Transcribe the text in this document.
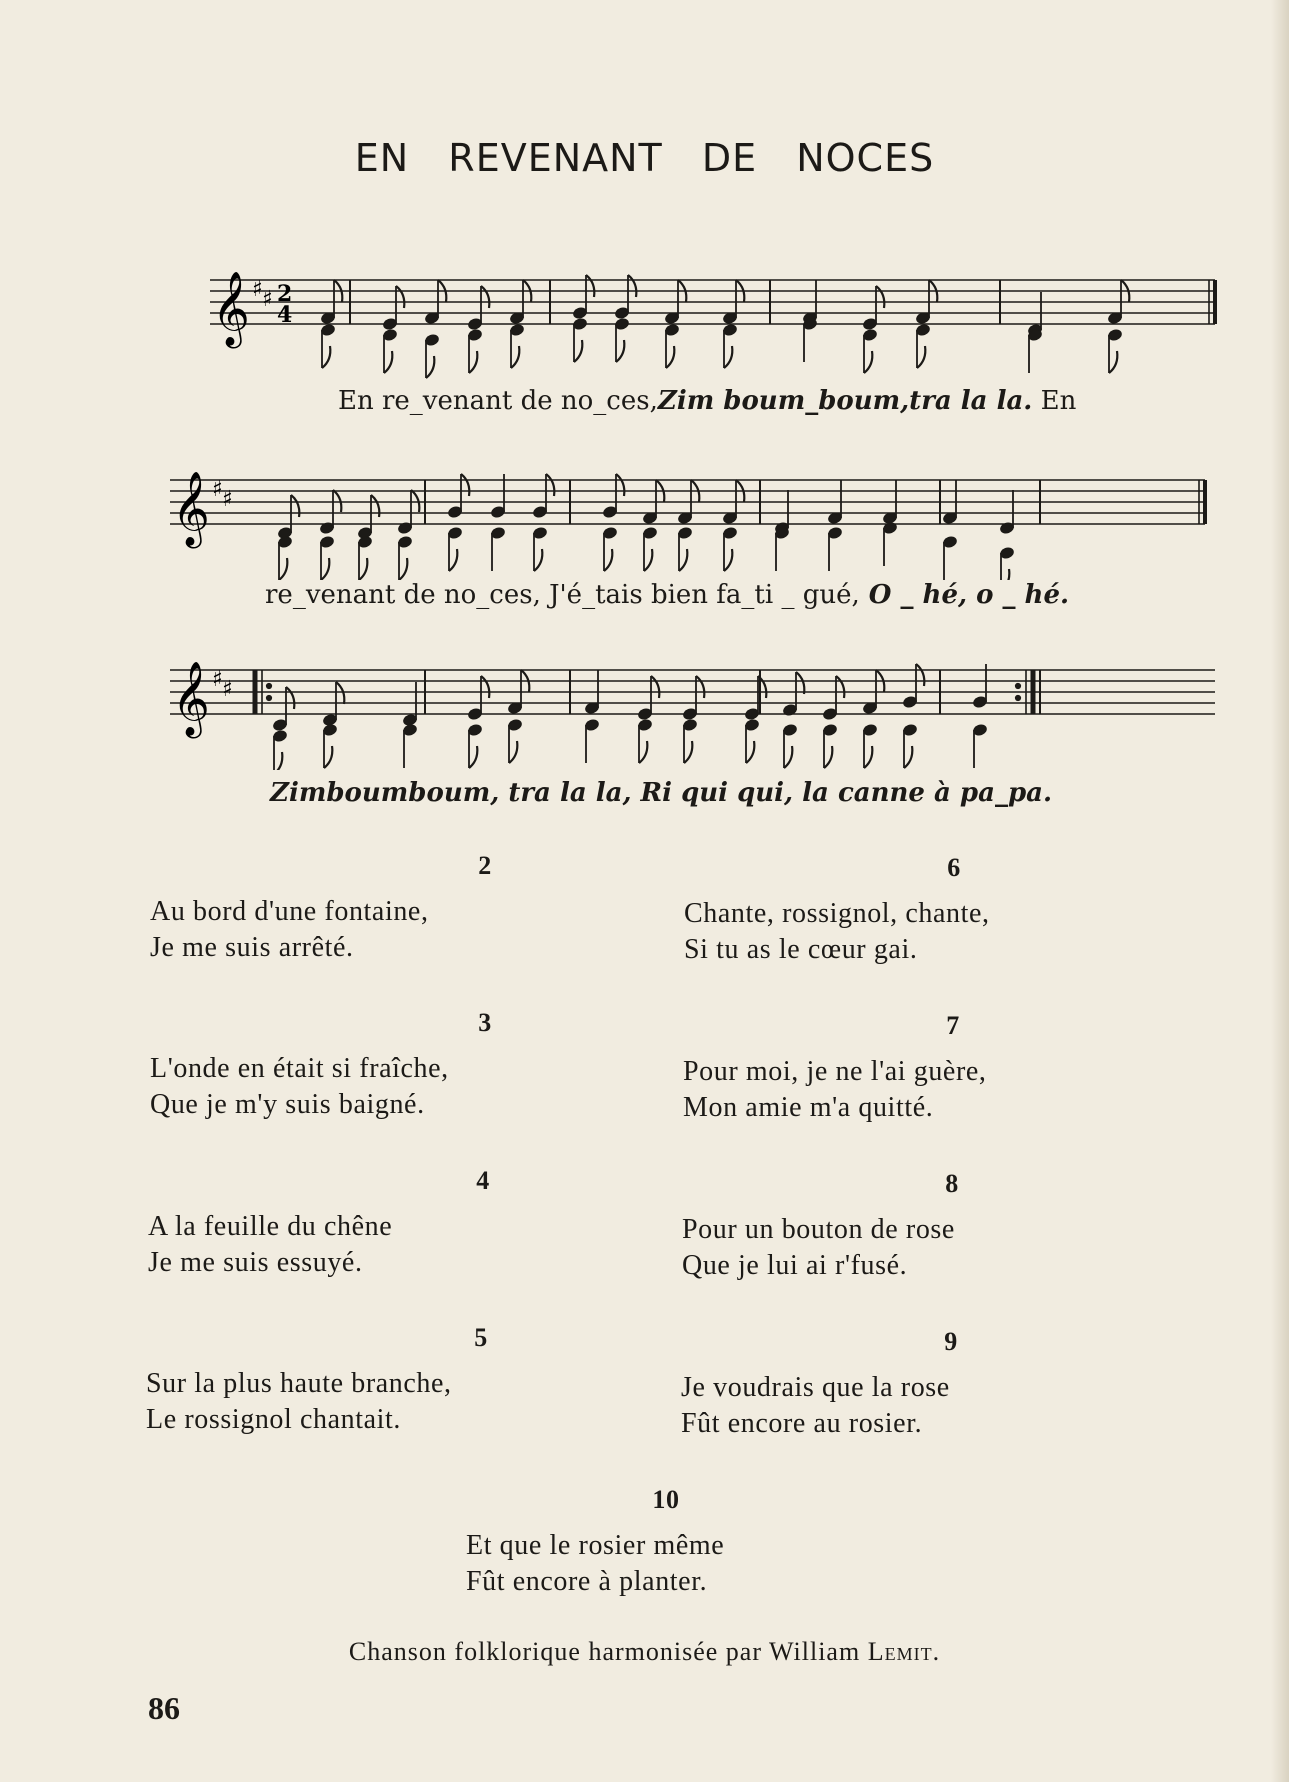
EN REVENANT DE NOCES
𝄞 ♯ ♯ 2
4
En re_venant de no_ces,Zim boum_boum,tra la la. En
𝄞 ♯ ♯
re_venant de no_ces, J'é_tais bien fa_ti _ gué, O _ hé, o _ hé.
𝄞 ♯ ♯
Zimboumboum, tra la la, Ri qui qui, la canne à pa_pa.
2
Au bord d'une fontaine,
Je me suis arrêté.
3
L'onde en était si fraîche,
Que je m'y suis baigné.
4
A la feuille du chêne
Je me suis essuyé.
5
Sur la plus haute branche,
Le rossignol chantait.
6
Chante, rossignol, chante,
Si tu as le cœur gai.
7
Pour moi, je ne l'ai guère,
Mon amie m'a quitté.
8
Pour un bouton de rose
Que je lui ai r'fusé.
9
Je voudrais que la rose
Fût encore au rosier.
10
Et que le rosier même
Fût encore à planter.
Chanson folklorique harmonisée par William Lemit.
86
